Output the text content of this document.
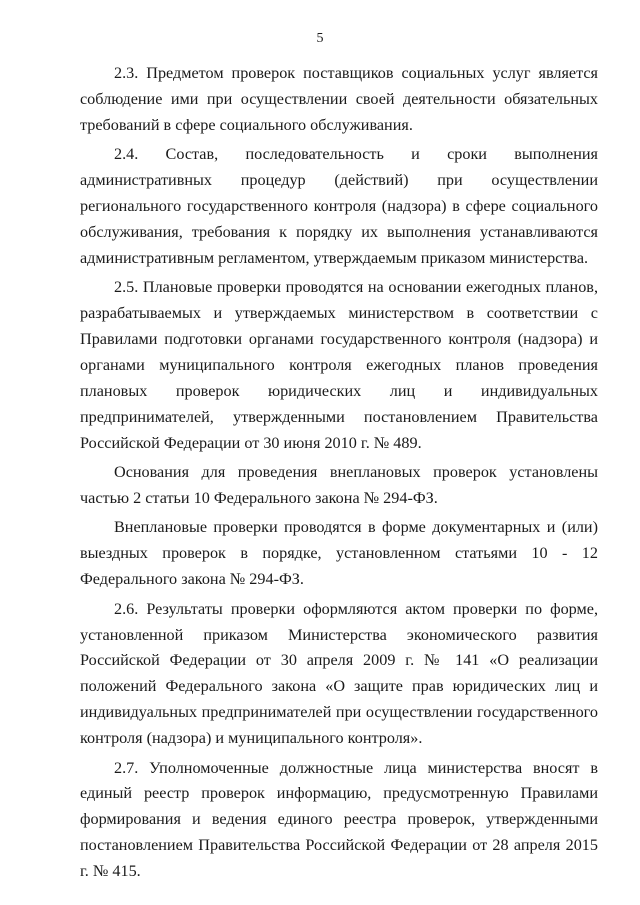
5

2.3. Предметом проверок поставщиков социальных услуг является соблюдение ими при осуществлении своей деятельности обязательных требований в сфере социального обслуживания.

2.4. Состав, последовательность и сроки выполнения административных процедур (действий) при осуществлении регионального государственного контроля (надзора) в сфере социального обслуживания, требования к порядку их выполнения устанавливаются административным регламентом, утверждаемым приказом министерства.

2.5. Плановые проверки проводятся на основании ежегодных планов, разрабатываемых и утверждаемых министерством в соответствии с Правилами подготовки органами государственного контроля (надзора) и органами муниципального контроля ежегодных планов проведения плановых проверок юридических лиц и индивидуальных предпринимателей, утвержденными постановлением Правительства Российской Федерации от 30 июня 2010 г. № 489.

Основания для проведения внеплановых проверок установлены частью 2 статьи 10 Федерального закона № 294-ФЗ.

Внеплановые проверки проводятся в форме документарных и (или) выездных проверок в порядке, установленном статьями 10 - 12 Федерального закона № 294-ФЗ.

2.6. Результаты проверки оформляются актом проверки по форме, установленной приказом Министерства экономического развития Российской Федерации от 30 апреля 2009 г. № 141 «О реализации положений Федерального закона «О защите прав юридических лиц и индивидуальных предпринимателей при осуществлении государственного контроля (надзора) и муниципального контроля».

2.7. Уполномоченные должностные лица министерства вносят в единый реестр проверок информацию, предусмотренную Правилами формирования и ведения единого реестра проверок, утвержденными постановлением Правительства Российской Федерации от 28 апреля 2015 г. № 415.
